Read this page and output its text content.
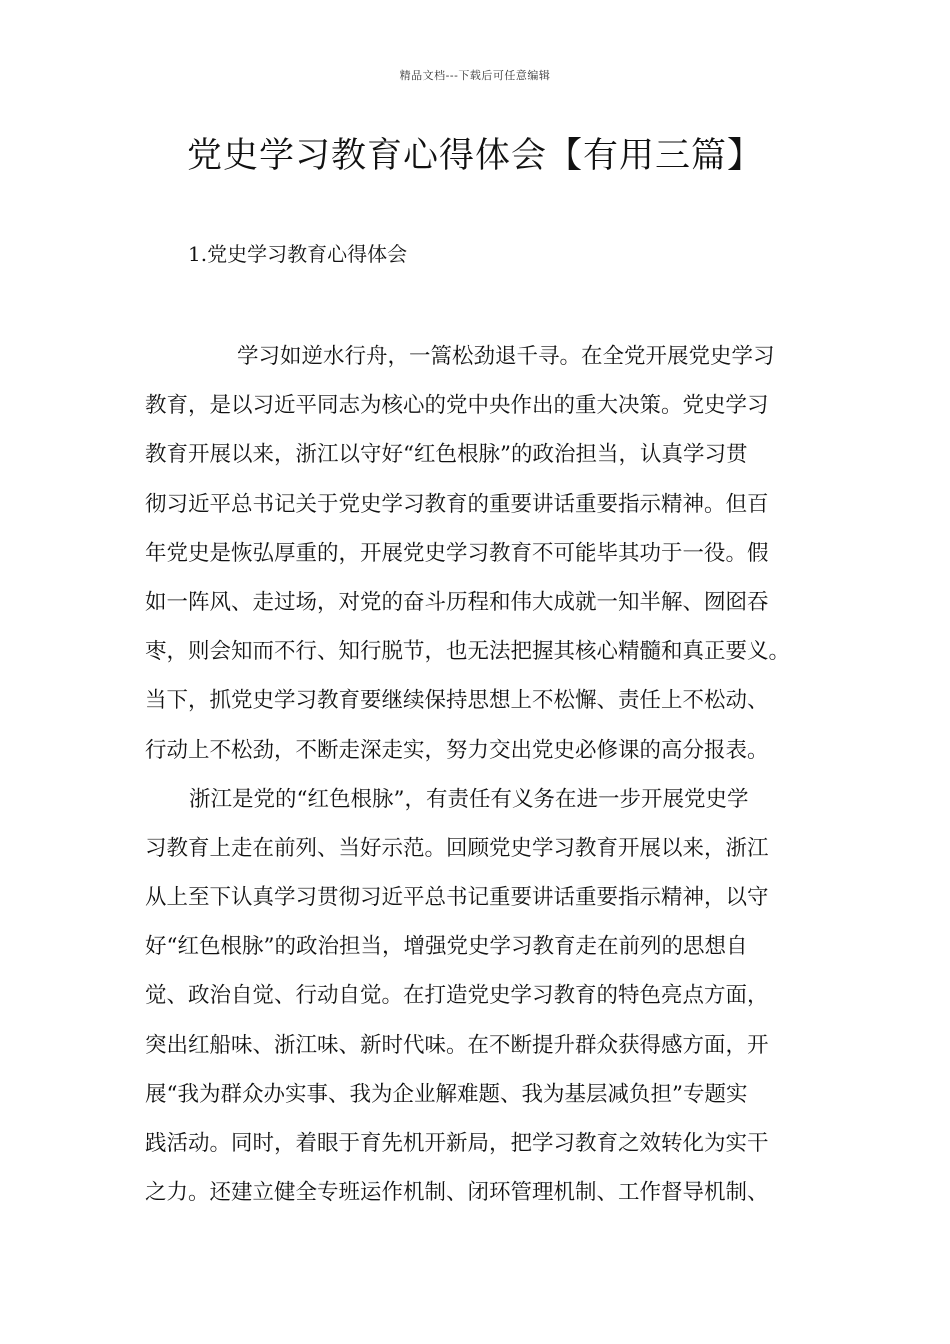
精品文档---下载后可任意编辑
党史学习教育心得体会【有用三篇】
1.党史学习教育心得体会
学习如逆水行舟，一篙松劲退千寻。在全党开展党史学习
教育，是以习近平同志为核心的党中央作出的重大决策。党史学习
教育开展以来，浙江以守好“红色根脉”的政治担当，认真学习贯
彻习近平总书记关于党史学习教育的重要讲话重要指示精神。但百
年党史是恢弘厚重的，开展党史学习教育不可能毕其功于一役。假
如一阵风、走过场，对党的奋斗历程和伟大成就一知半解、囫囵吞
枣，则会知而不行、知行脱节，也无法把握其核心精髓和真正要义。
当下，抓党史学习教育要继续保持思想上不松懈、责任上不松动、
行动上不松劲，不断走深走实，努力交出党史必修课的高分报表。
浙江是党的“红色根脉”，有责任有义务在进一步开展党史学
习教育上走在前列、当好示范。回顾党史学习教育开展以来，浙江
从上至下认真学习贯彻习近平总书记重要讲话重要指示精神，以守
好“红色根脉”的政治担当，增强党史学习教育走在前列的思想自
觉、政治自觉、行动自觉。在打造党史学习教育的特色亮点方面，
突出红船味、浙江味、新时代味。在不断提升群众获得感方面，开
展“我为群众办实事、我为企业解难题、我为基层减负担”专题实
践活动。同时，着眼于育先机开新局，把学习教育之效转化为实干
之力。还建立健全专班运作机制、闭环管理机制、工作督导机制、
